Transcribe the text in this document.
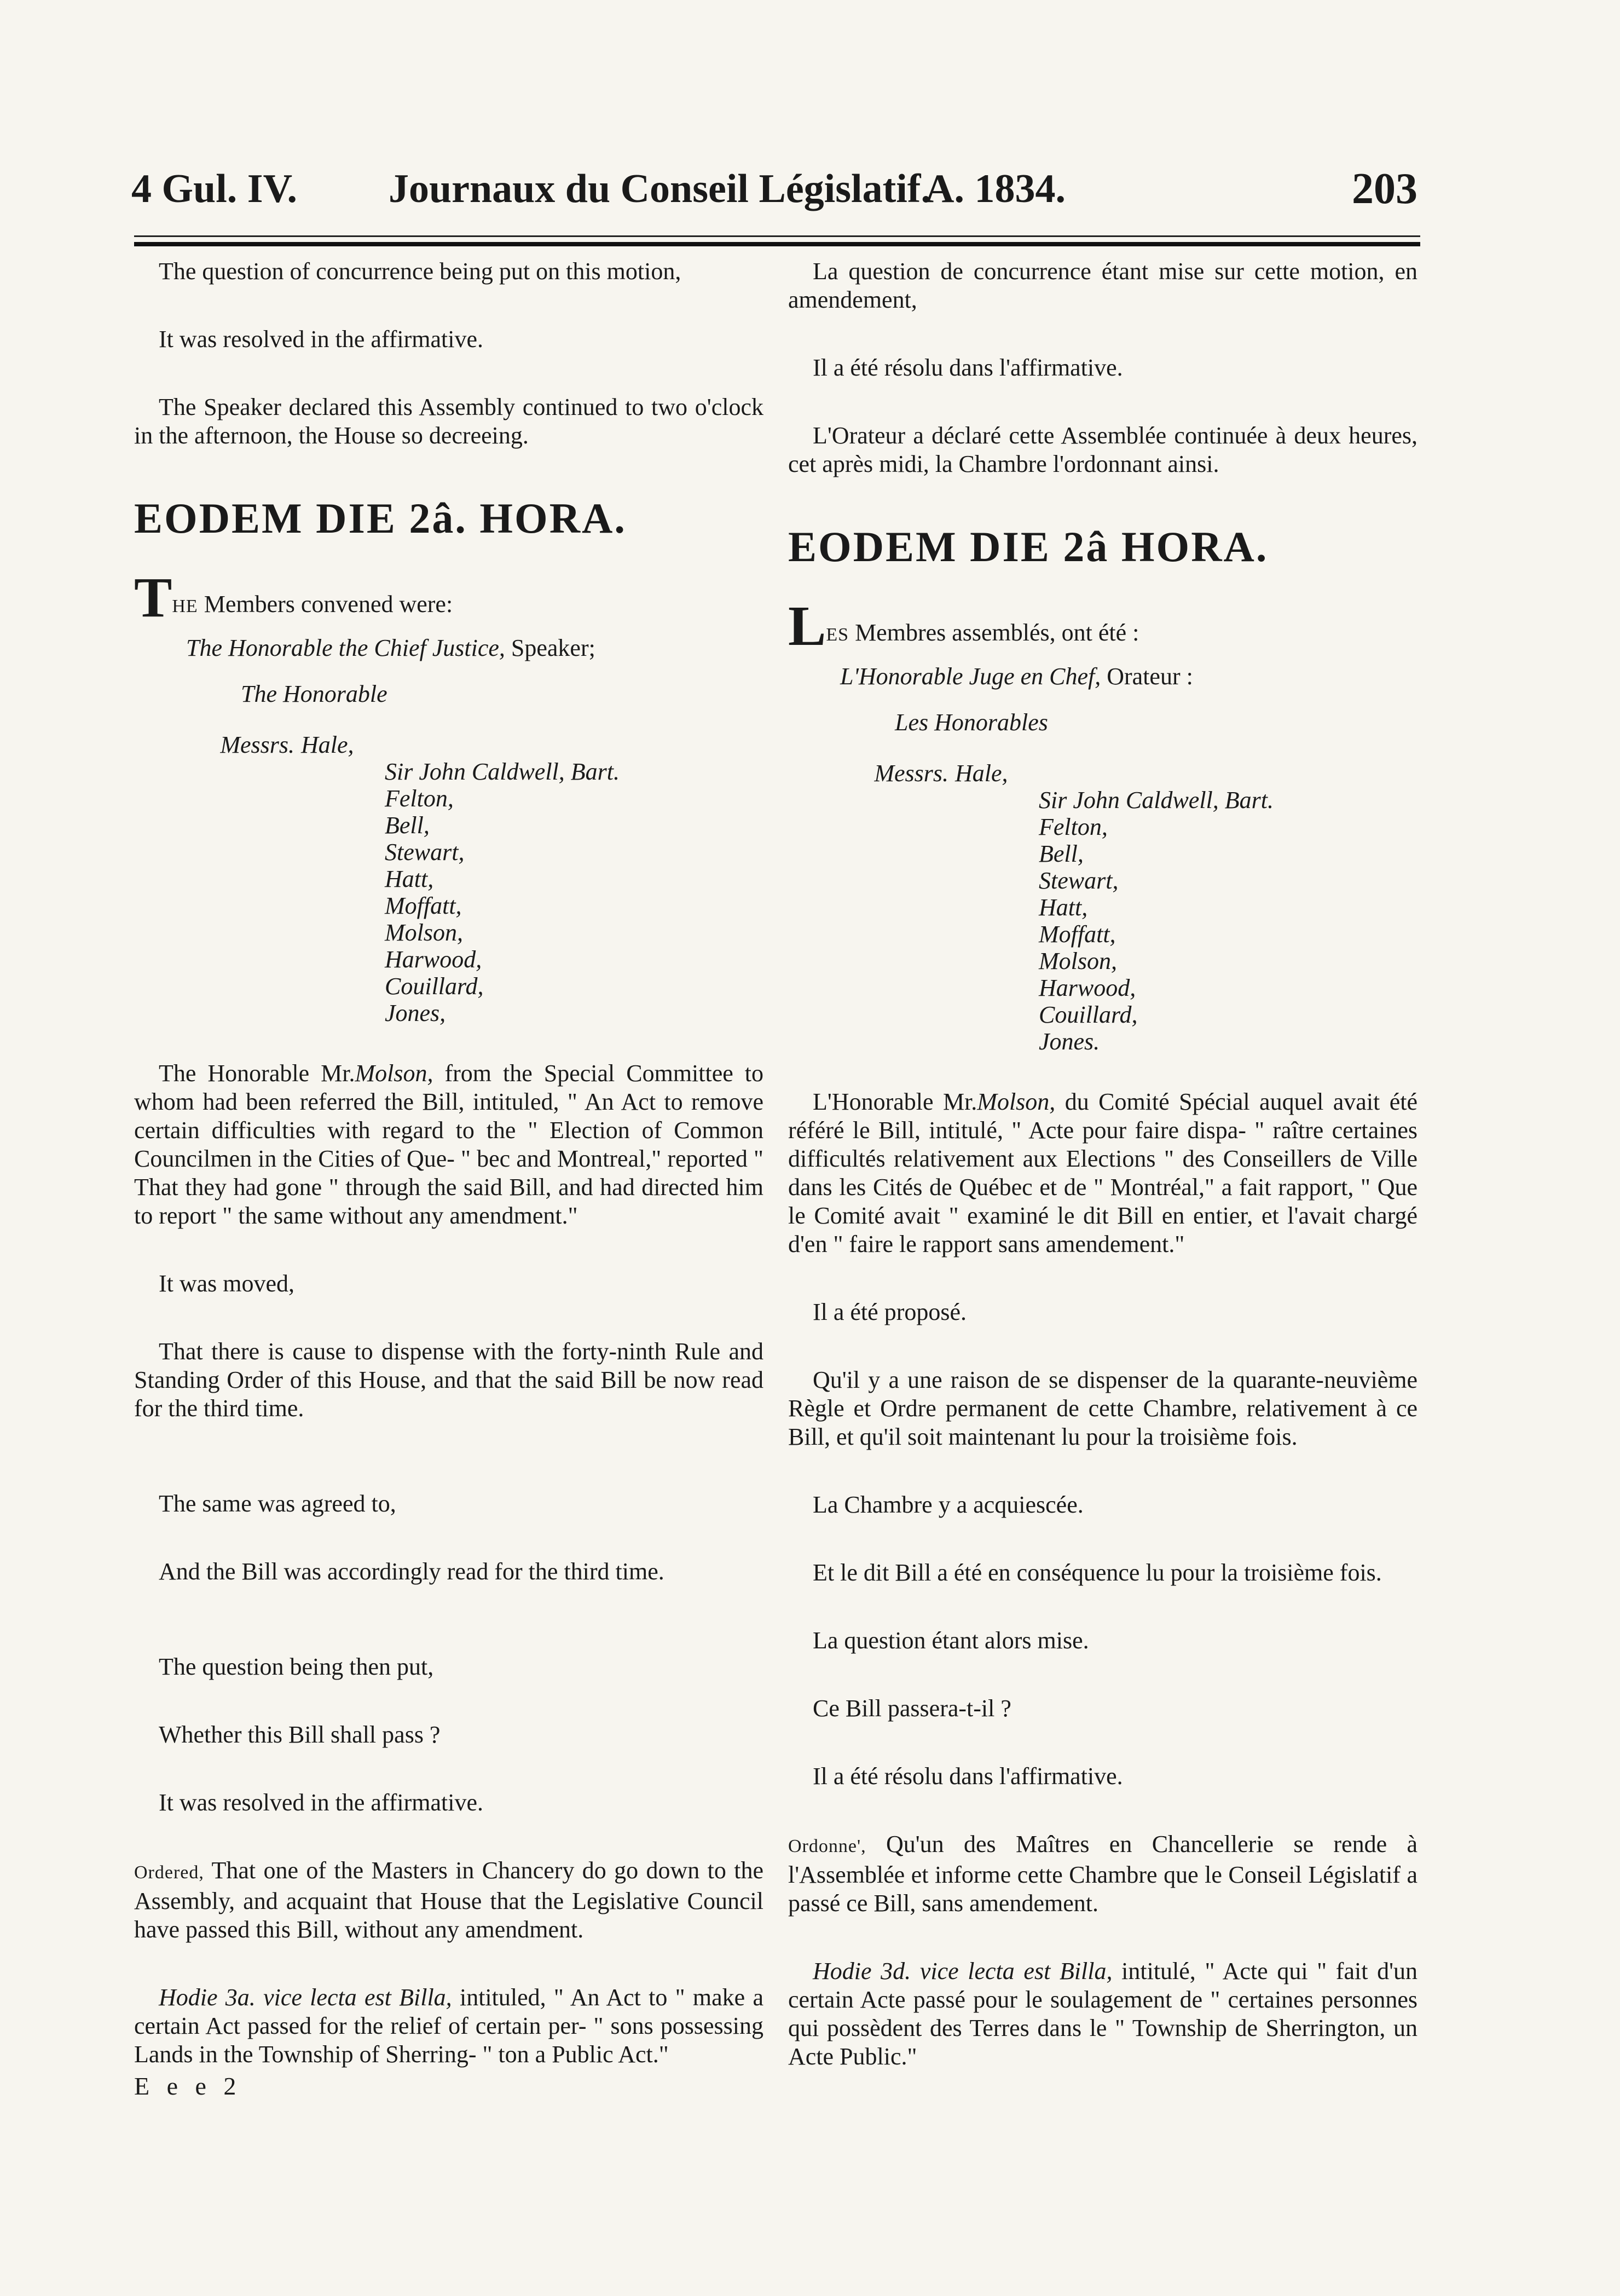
4 Gul. IV. Journaux du Conseil Législatif.
A. 1834.	203

The question of concurrence being put on this motion,

It was resolved in the affirmative.

The Speaker declared this Assembly continued to two o'clock in the afternoon, the House so decreeing.

EODEM DIE 2â. HORA.

THE Members convened were:

The Honorable the Chief Justice, Speaker;

The Honorable

Messrs. Hale,
Sir John Caldwell, Bart.
Felton,
Bell,
Stewart,
Hatt,
Moffatt,
Molson,
Harwood,
Couillard,
Jones,

The Honorable Mr.Molson, from the Special Committee to whom had been referred the Bill, intituled, " An Act to remove certain difficulties with regard to the " Election of Common Councilmen in the Cities of Que- " bec and Montreal," reported " That they had gone " through the said Bill, and had directed him to report " the same without any amendment."

It was moved,

That there is cause to dispense with the forty-ninth Rule and Standing Order of this House, and that the said Bill be now read for the third time.

The same was agreed to,

And the Bill was accordingly read for the third time.

The question being then put,

Whether this Bill shall pass ?

It was resolved in the affirmative.

Ordered, That one of the Masters in Chancery do go down to the Assembly, and acquaint that House that the Legislative Council have passed this Bill, without any amendment.

Hodie 3a. vice lecta est Billa, intituled, " An Act to " make a certain Act passed for the relief of certain per- " sons possessing Lands in the Township of Sherring- " ton a Public Act."

E e e 2

La question de concurrence étant mise sur cette motion, en amendement,

Il a été résolu dans l'affirmative.

L'Orateur a déclaré cette Assemblée continuée à deux heures, cet après midi, la Chambre l'ordonnant ainsi.

EODEM DIE 2â HORA.

LES Membres assemblés, ont été :

L'Honorable Juge en Chef, Orateur :

Les Honorables

Messrs. Hale,
Sir John Caldwell, Bart.
Felton,
Bell,
Stewart,
Hatt,
Moffatt,
Molson,
Harwood,
Couillard,
Jones.

L'Honorable Mr.Molson, du Comité Spécial auquel avait été référé le Bill, intitulé, " Acte pour faire dispa- " raître certaines difficultés relativement aux Elections " des Conseillers de Ville dans les Cités de Québec et de " Montréal," a fait rapport, " Que le Comité avait " examiné le dit Bill en entier, et l'avait chargé d'en " faire le rapport sans amendement."

Il a été proposé.

Qu'il y a une raison de se dispenser de la quarante-neuvième Règle et Ordre permanent de cette Chambre, relativement à ce Bill, et qu'il soit maintenant lu pour la troisième fois.

La Chambre y a acquiescée.

Et le dit Bill a été en conséquence lu pour la troisième fois.

La question étant alors mise.

Ce Bill passera-t-il ?

Il a été résolu dans l'affirmative.

Ordonne', Qu'un des Maîtres en Chancellerie se rende à l'Assemblée et informe cette Chambre que le Conseil Législatif a passé ce Bill, sans amendement.

Hodie 3d. vice lecta est Billa, intitulé, " Acte qui " fait d'un certain Acte passé pour le soulagement de " certaines personnes qui possèdent des Terres dans le " Township de Sherrington, un Acte Public."
